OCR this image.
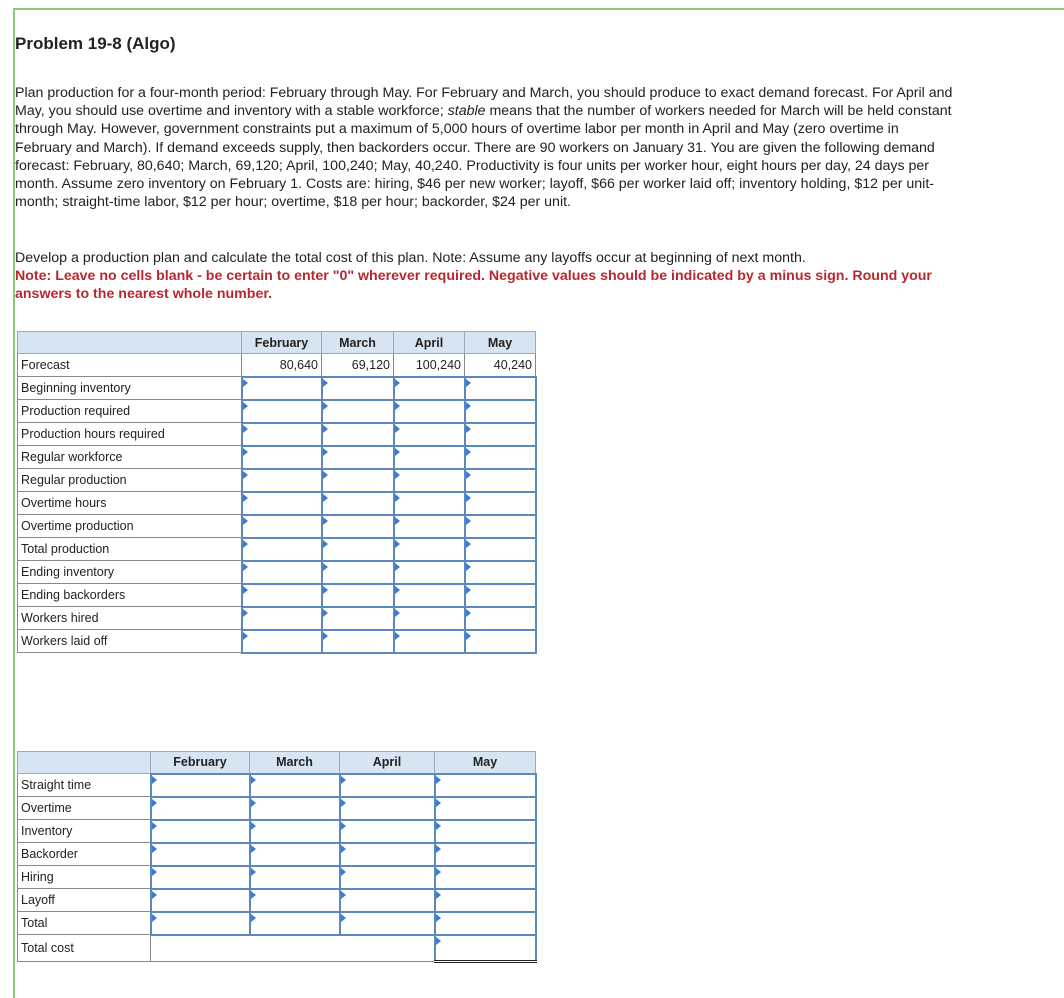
Problem 19-8 (Algo)
Plan production for a four-month period: February through May. For February and March, you should produce to exact demand forecast. For April and May, you should use overtime and inventory with a stable workforce; stable means that the number of workers needed for March will be held constant through May. However, government constraints put a maximum of 5,000 hours of overtime labor per month in April and May (zero overtime in February and March). If demand exceeds supply, then backorders occur. There are 90 workers on January 31. You are given the following demand forecast: February, 80,640; March, 69,120; April, 100,240; May, 40,240. Productivity is four units per worker hour, eight hours per day, 24 days per month. Assume zero inventory on February 1. Costs are: hiring, $46 per new worker; layoff, $66 per worker laid off; inventory holding, $12 per unit-month; straight-time labor, $12 per hour; overtime, $18 per hour; backorder, $24 per unit.
Develop a production plan and calculate the total cost of this plan. Note: Assume any layoffs occur at beginning of next month.
Note: Leave no cells blank - be certain to enter "0" wherever required. Negative values should be indicated by a minus sign. Round your answers to the nearest whole number.
	February	March	April	May
Forecast	80,640	69,120	100,240	40,240
Beginning inventory				
Production required				
Production hours required				
Regular workforce				
Regular production				
Overtime hours				
Overtime production				
Total production				
Ending inventory				
Ending backorders				
Workers hired				
Workers laid off				
	February	March	April	May
Straight time				
Overtime				
Inventory				
Backorder				
Hiring				
Layoff				
Total				
Total cost				
